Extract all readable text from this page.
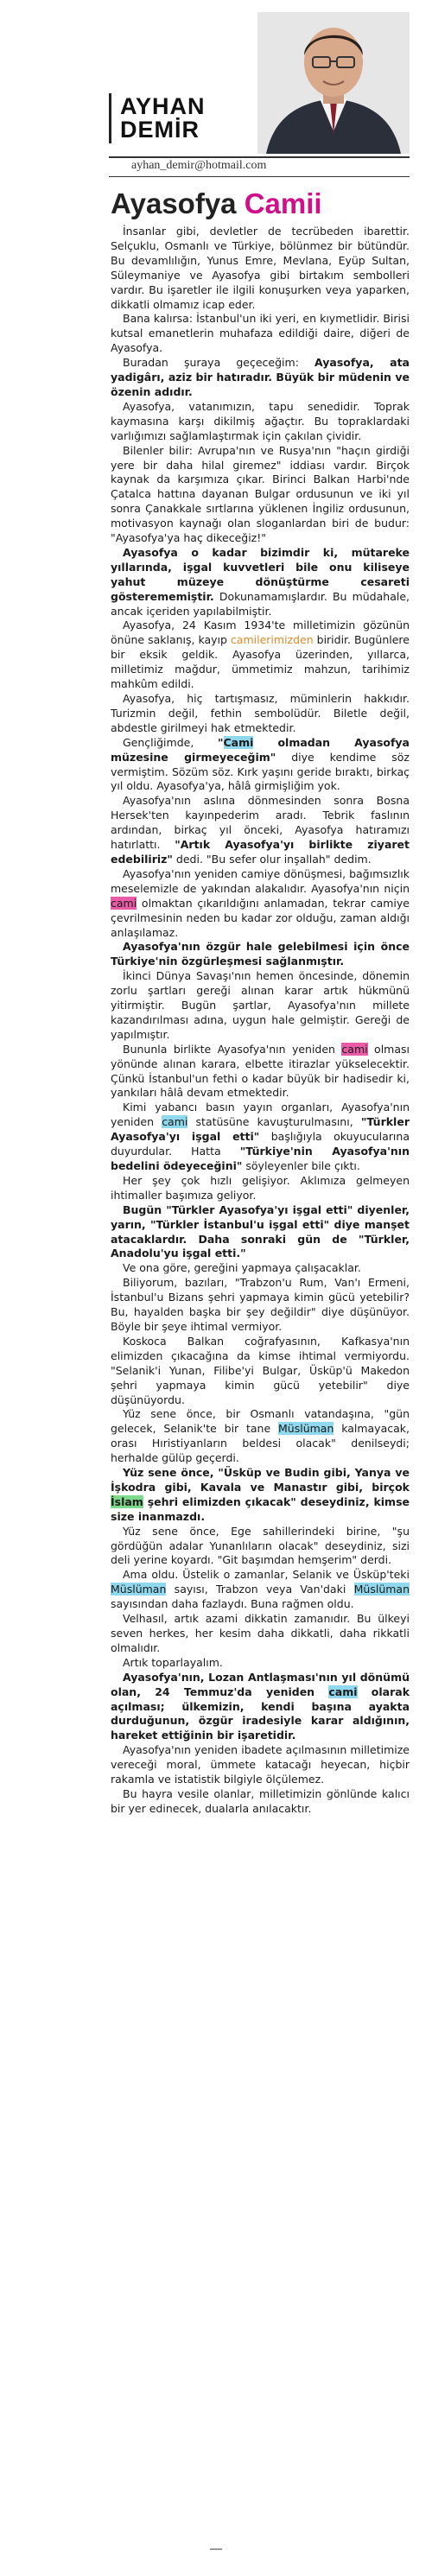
AYHAN
DEMİR
ayhan_demir@hotmail.com
Ayasofya Camii

İnsanlar gibi, devletler de tecrübeden ibarettir. Selçuklu, Osmanlı ve Türkiye, bölünmez bir bütündür. Bu devamlılığın, Yunus Emre, Mevlana, Eyüp Sultan, Süleymaniye ve Ayasofya gibi birtakım sembolleri vardır. Bu işaretler ile ilgili konuşurken veya yaparken, dikkatli olmamız icap eder.

Bana kalırsa: İstanbul'un iki yeri, en kıymetlidir. Birisi kutsal emanetlerin muhafaza edildiği daire, diğeri de Ayasofya.

Buradan şuraya geçeceğim: Ayasofya, ata yadigârı, aziz bir hatıradır. Büyük bir müdenin ve özenin adıdır.

Ayasofya, vatanımızın, tapu senedidir. Toprak kaymasına karşı dikilmiş ağaçtır. Bu topraklardaki varlığımızı sağlamlaştırmak için çakılan çividir.

Bilenler bilir: Avrupa'nın ve Rusya'nın "haçın girdiği yere bir daha hilal giremez" iddiası vardır. Birçok kaynak da karşımıza çıkar. Birinci Balkan Harbi'nde Çatalca hattına dayanan Bulgar ordusunun ve iki yıl sonra Çanakkale sırtlarına yüklenen İngiliz ordusunun, motivasyon kaynağı olan sloganlardan biri de budur: "Ayasofya'ya haç dikeceğiz!"

Ayasofya o kadar bizimdir ki, mütareke yıllarında, işgal kuvvetleri bile onu kiliseye yahut müzeye dönüştürme cesareti gösterememiştir. Dokunamamışlardır. Bu müdahale, ancak içeriden yapılabilmiştir.

Ayasofya, 24 Kasım 1934'te milletimizin gözünün önüne saklanış, kayıp camilerimizden biridir. Bugünlere bir eksik geldik. Ayasofya üzerinden, yıllarca, milletimiz mağdur, ümmetimiz mahzun, tarihimiz mahkûm edildi.

Ayasofya, hiç tartışmasız, müminlerin hakkıdır. Turizmin değil, fethin sembolüdür. Biletle değil, abdestle girilmeyi hak etmektedir.

Gençliğimde, "Cami olmadan Ayasofya müzesine girmeyeceğim" diye kendime söz vermiştim. Sözüm söz. Kırk yaşını geride bıraktı, birkaç yıl oldu. Ayasofya'ya, hâlâ girmişliğim yok.

Ayasofya'nın aslına dönmesinden sonra Bosna Hersek'ten kayınpederim aradı. Tebrik faslının ardından, birkaç yıl önceki, Ayasofya hatıramızı hatırlattı. "Artık Ayasofya'yı birlikte ziyaret edebiliriz" dedi. "Bu sefer olur inşallah" dedim.

Ayasofya'nın yeniden camiye dönüşmesi, bağımsızlık meselemizle de yakından alakalıdır. Ayasofya'nın niçin cami olmaktan çıkarıldığını anlamadan, tekrar camiye çevrilmesinin neden bu kadar zor olduğu, zaman aldığı anlaşılamaz.

Ayasofya'nın özgür hale gelebilmesi için önce Türkiye'nin özgürleşmesi sağlanmıştır.

İkinci Dünya Savaşı'nın hemen öncesinde, dönemin zorlu şartları gereği alınan karar artık hükmünü yitirmiştir. Bugün şartlar, Ayasofya'nın millete kazandırılması adına, uygun hale gelmiştir. Gereği de yapılmıştır.

Bununla birlikte Ayasofya'nın yeniden cami olması yönünde alınan karara, elbette itirazlar yükselecektir. Çünkü İstanbul'un fethi o kadar büyük bir hadisedir ki, yankıları hâlâ devam etmektedir.

Kimi yabancı basın yayın organları, Ayasofya'nın yeniden cami statüsüne kavuşturulmasını, "Türkler Ayasofya'yı işgal etti" başlığıyla okuyucularına duyurdular. Hatta "Türkiye'nin Ayasofya'nın bedelini ödeyeceğini" söyleyenler bile çıktı.

Her şey çok hızlı gelişiyor. Aklımıza gelmeyen ihtimaller başımıza geliyor.

Bugün "Türkler Ayasofya'yı işgal etti" diyenler, yarın, "Türkler İstanbul'u işgal etti" diye manşet atacaklardır. Daha sonraki gün de "Türkler, Anadolu'yu işgal etti."

Ve ona göre, gereğini yapmaya çalışacaklar.

Biliyorum, bazıları, "Trabzon'u Rum, Van'ı Ermeni, İstanbul'u Bizans şehri yapmaya kimin gücü yetebilir? Bu, hayalden başka bir şey değildir" diye düşünüyor. Böyle bir şeye ihtimal vermiyor.

Koskoca Balkan coğrafyasının, Kafkasya'nın elimizden çıkacağına da kimse ihtimal vermiyordu. "Selanik'i Yunan, Filibe'yi Bulgar, Üsküp'ü Makedon şehri yapmaya kimin gücü yetebilir" diye düşünüyordu.

Yüz sene önce, bir Osmanlı vatandaşına, "gün gelecek, Selanik'te bir tane Müslüman kalmayacak, orası Hıristiyanların beldesi olacak" denilseydi; herhalde gülüp geçerdi.

Yüz sene önce, "Üsküp ve Budin gibi, Yanya ve İşkodra gibi, Kavala ve Manastır gibi, birçok İslam şehri elimizden çıkacak" deseydiniz, kimse size inanmazdı.

Yüz sene önce, Ege sahillerindeki birine, "şu gördüğün adalar Yunanlıların olacak" deseydiniz, sizi deli yerine koyardı. "Git başımdan hemşerim" derdi.

Ama oldu. Üstelik o zamanlar, Selanik ve Üsküp'teki Müslüman sayısı, Trabzon veya Van'daki Müslüman sayısından daha fazlaydı. Buna rağmen oldu.

Velhasıl, artık azami dikkatin zamanıdır. Bu ülkeyi seven herkes, her kesim daha dikkatli, daha rikkatli olmalıdır.

Artık toparlayalım.

Ayasofya'nın, Lozan Antlaşması'nın yıl dönümü olan, 24 Temmuz'da yeniden cami olarak açılması; ülkemizin, kendi başına ayakta durduğunun, özgür iradesiyle karar aldığının, hareket ettiğinin bir işaretidir.

Ayasofya'nın yeniden ibadete açılmasının milletimize vereceği moral, ümmete katacağı heyecan, hiçbir rakamla ve istatistik bilgiyle ölçülemez.

Bu hayra vesile olanlar, milletimizin gönlünde kalıcı bir yer edinecek, dualarla anılacaktır.
